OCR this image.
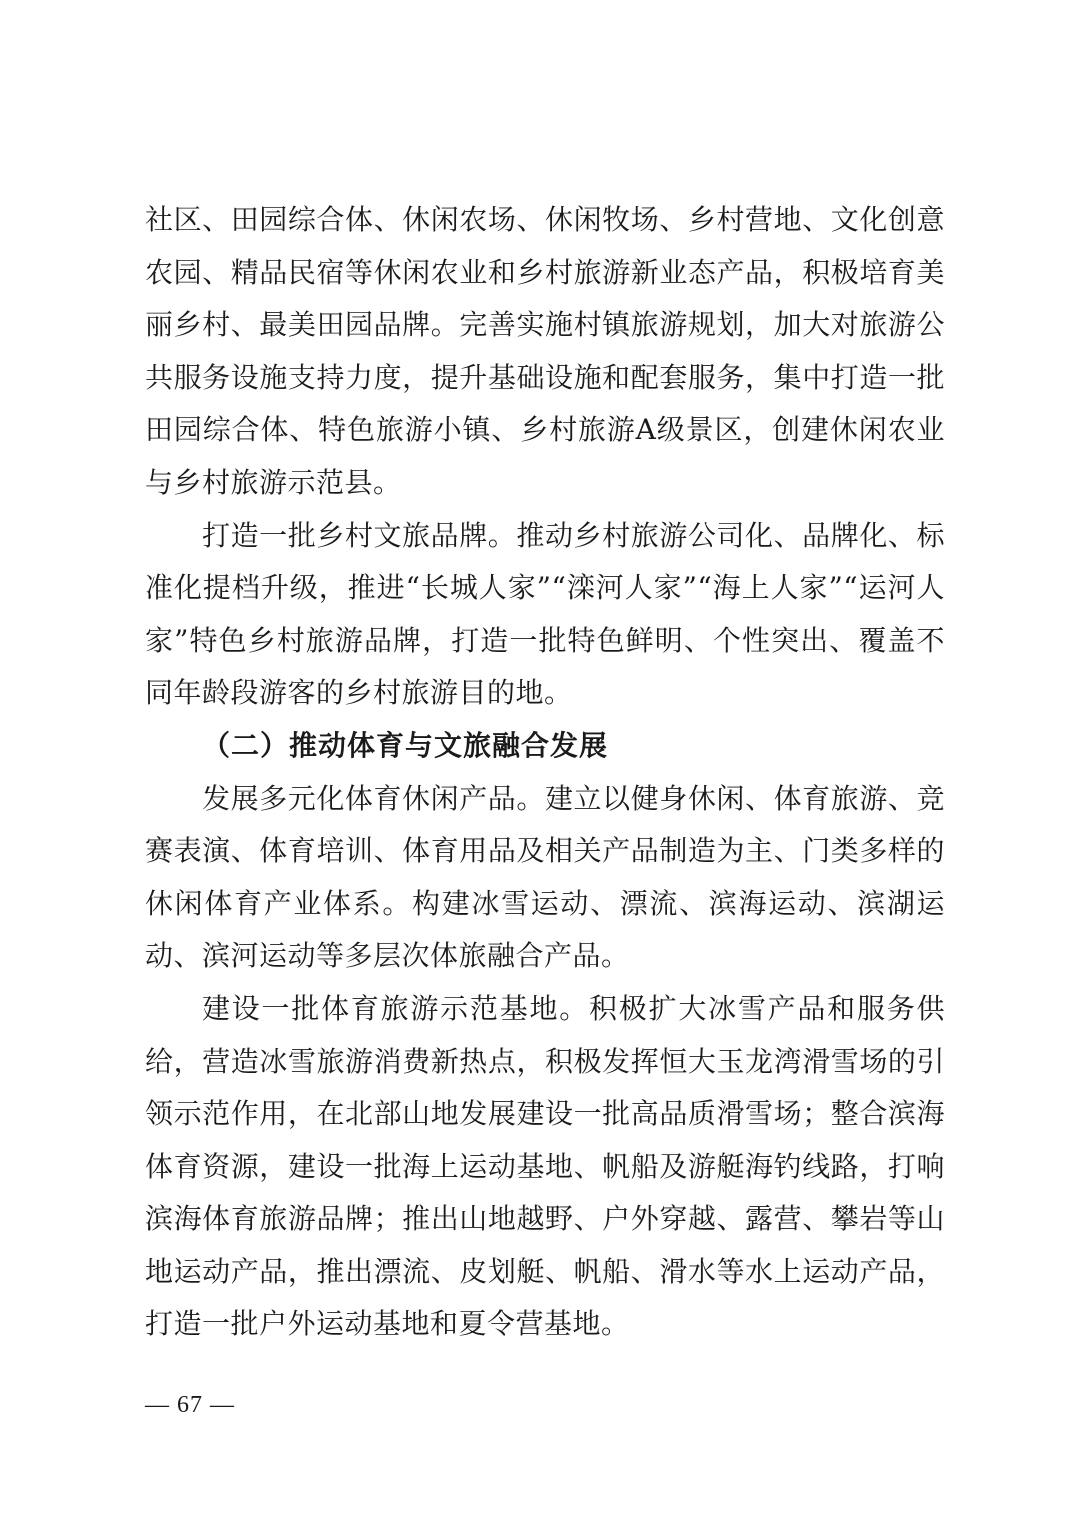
社区、田园综合体、休闲农场、休闲牧场、乡村营地、文化创意农园、精品民宿等休闲农业和乡村旅游新业态产品，积极培育美丽乡村、最美田园品牌。完善实施村镇旅游规划，加大对旅游公共服务设施支持力度，提升基础设施和配套服务，集中打造一批田园综合体、特色旅游小镇、乡村旅游A级景区，创建休闲农业与乡村旅游示范县。

打造一批乡村文旅品牌。推动乡村旅游公司化、品牌化、标准化提档升级，推进“长城人家”“滦河人家”“海上人家”“运河人家”特色乡村旅游品牌，打造一批特色鲜明、个性突出、覆盖不同年龄段游客的乡村旅游目的地。

（二）推动体育与文旅融合发展

发展多元化体育休闲产品。建立以健身休闲、体育旅游、竞赛表演、体育培训、体育用品及相关产品制造为主、门类多样的休闲体育产业体系。构建冰雪运动、漂流、滨海运动、滨湖运动、滨河运动等多层次体旅融合产品。

建设一批体育旅游示范基地。积极扩大冰雪产品和服务供给，营造冰雪旅游消费新热点，积极发挥恒大玉龙湾滑雪场的引领示范作用，在北部山地发展建设一批高品质滑雪场；整合滨海体育资源，建设一批海上运动基地、帆船及游艇海钓线路，打响滨海体育旅游品牌；推出山地越野、户外穿越、露营、攀岩等山地运动产品，推出漂流、皮划艇、帆船、滑水等水上运动产品，打造一批户外运动基地和夏令营基地。

— 67 —
